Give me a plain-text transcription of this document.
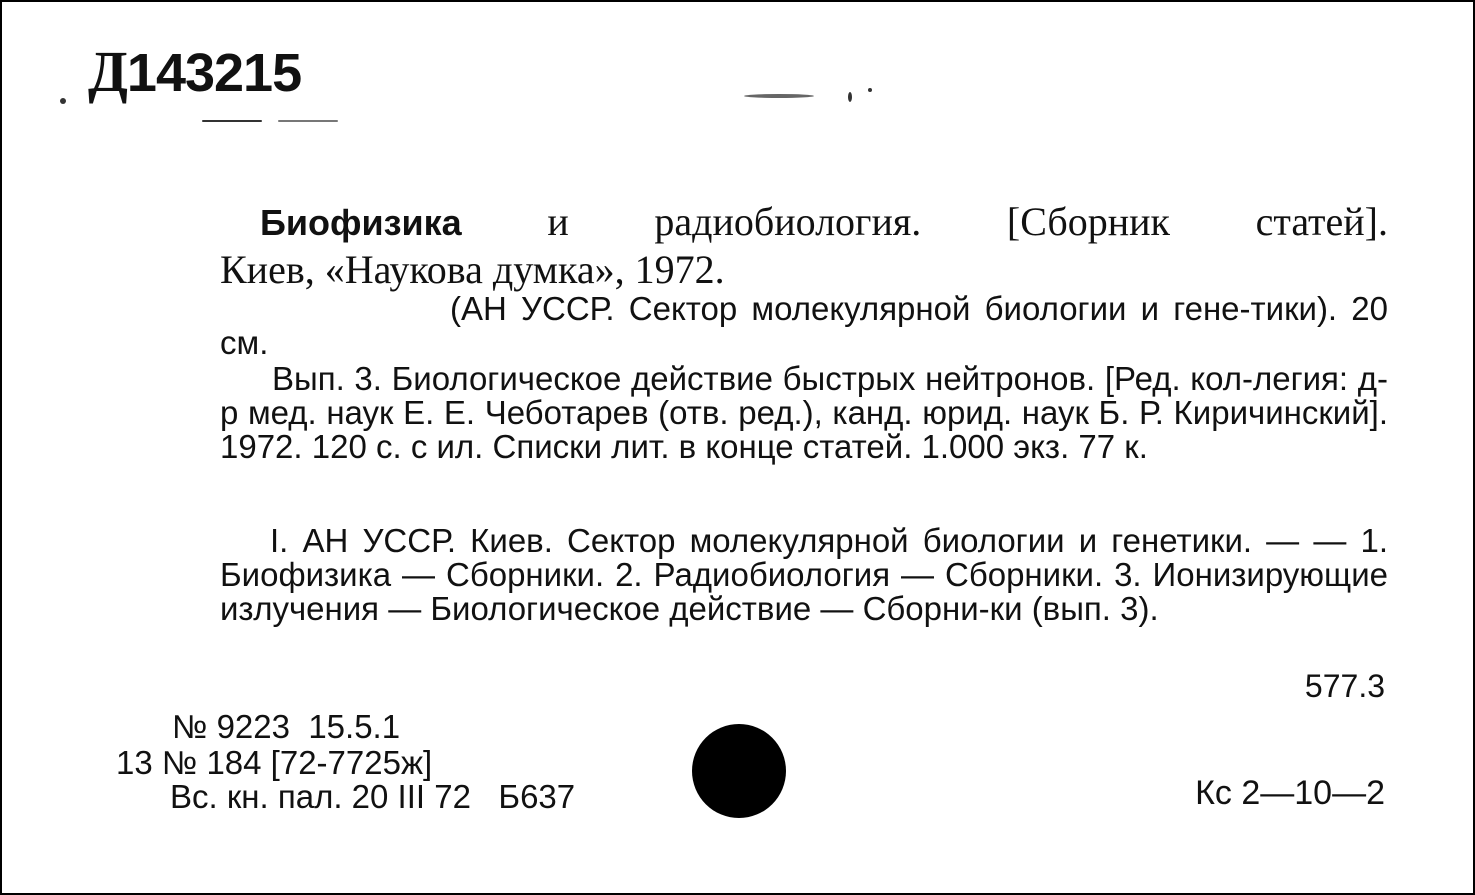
Д143215
Биофизика и радиобиология. [Сборник статей].
Киев, «Наукова думка», 1972.
(АН УССР. Сектор молекулярной биологии и гене-тики). 20 см.
Вып. 3. Биологическое действие быстрых нейтронов. [Ред. кол-легия: д-р мед. наук Е. Е. Чеботарев (отв. ред.), канд. юрид. наук Б. Р. Киричинский]. 1972. 120 с. с ил. Списки лит. в конце статей. 1.000 экз. 77 к.
I. АН УССР. Киев. Сектор молекулярной биологии и генетики. — — 1. Биофизика — Сборники. 2. Радиобиология — Сборники. 3. Ионизирующие излучения — Биологическое действие — Сборни-ки (вып. 3).
577.3
№ 9223  15.5.1
13 № 184 [72-7725ж]
Вс. кн. пал. 20 III 72   Б637	Кс 2—10—2
